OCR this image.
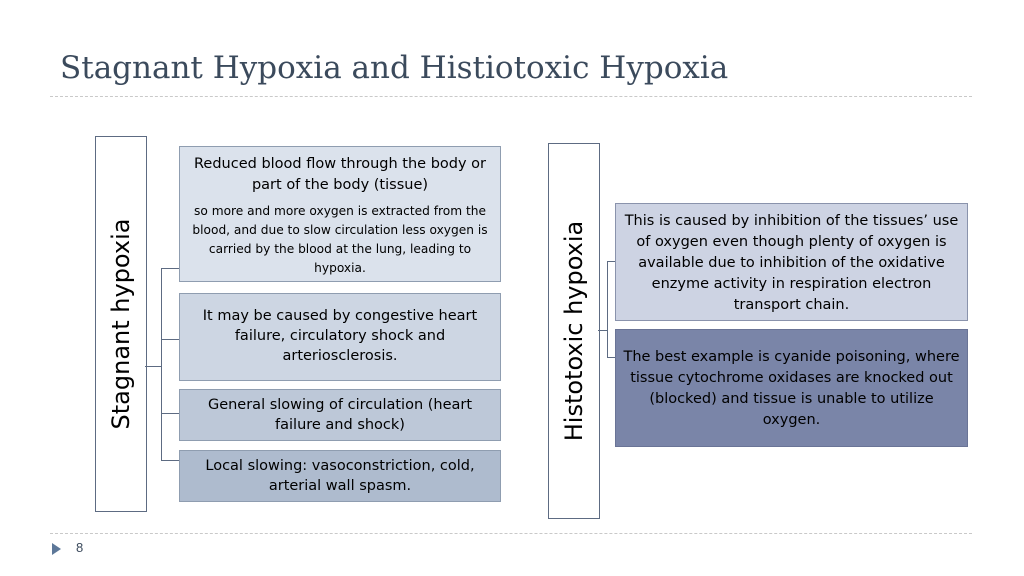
Stagnant Hypoxia and Histiotoxic Hypoxia
Stagnant hypoxia

Reduced blood flow through the body or part of the body (tissue)

so more and more oxygen is extracted from the blood, and due to slow circulation less oxygen is carried by the blood at the lung, leading to hypoxia.

It may be caused by congestive heart failure, circulatory shock and arteriosclerosis.
General slowing of circulation (heart failure and shock)
Local slowing: vasoconstriction, cold, arterial wall spasm.
Histotoxic hypoxia	This is caused by inhibition of the tissues’ use of oxygen even though plenty of oxygen is available due to inhibition of the oxidative enzyme activity in respiration electron transport chain.
The best example is cyanide poisoning, where tissue cytochrome oxidases are knocked out (blocked) and tissue is unable to utilize oxygen.
8
